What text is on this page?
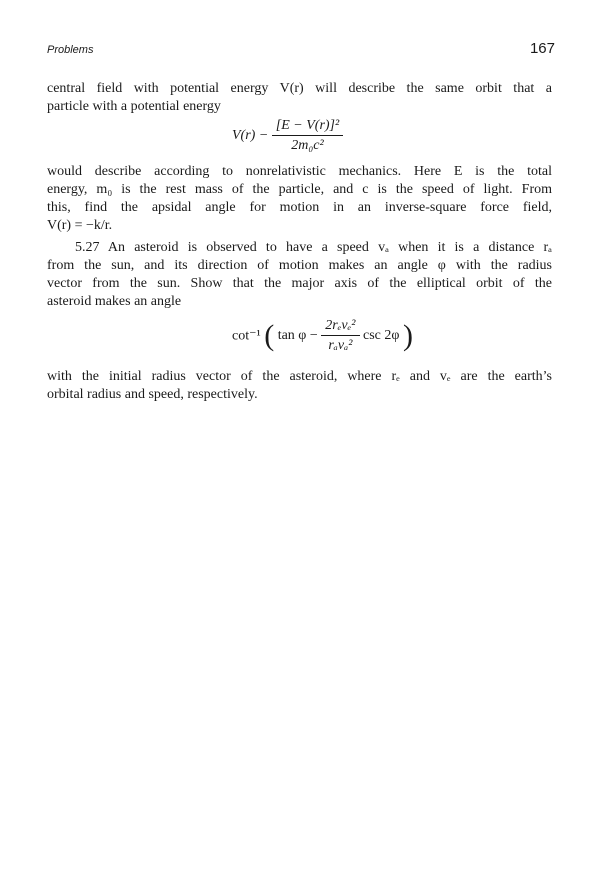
Problems	167
central field with potential energy V(r) will describe the same orbit that a
particle with a potential energy
$V(r) - \frac{\text{[E − V(r)]²}}{\text{2m₀c²}}$
would describe according to nonrelativistic mechanics. Here E is the total
energy, m₀ is the rest mass of the particle, and c is the speed of light. From
this, find the apsidal angle for motion in an inverse-square force field,
V(r) = −k/r.
5.27 An asteroid is observed to have a speed vₐ when it is a distance rₐ
from the sun, and its direction of motion makes an angle φ with the radius
vector from the sun. Show that the major axis of the elliptical orbit of the
asteroid makes an angle
cot⁻¹ ( $\tan \varphi - \frac{\text{2rₑvₑ²}}{\text{rₐvₐ²}}$ csc 2φ )
with the initial radius vector of the asteroid, where rₑ and vₑ are the earth’s
orbital radius and speed, respectively.
